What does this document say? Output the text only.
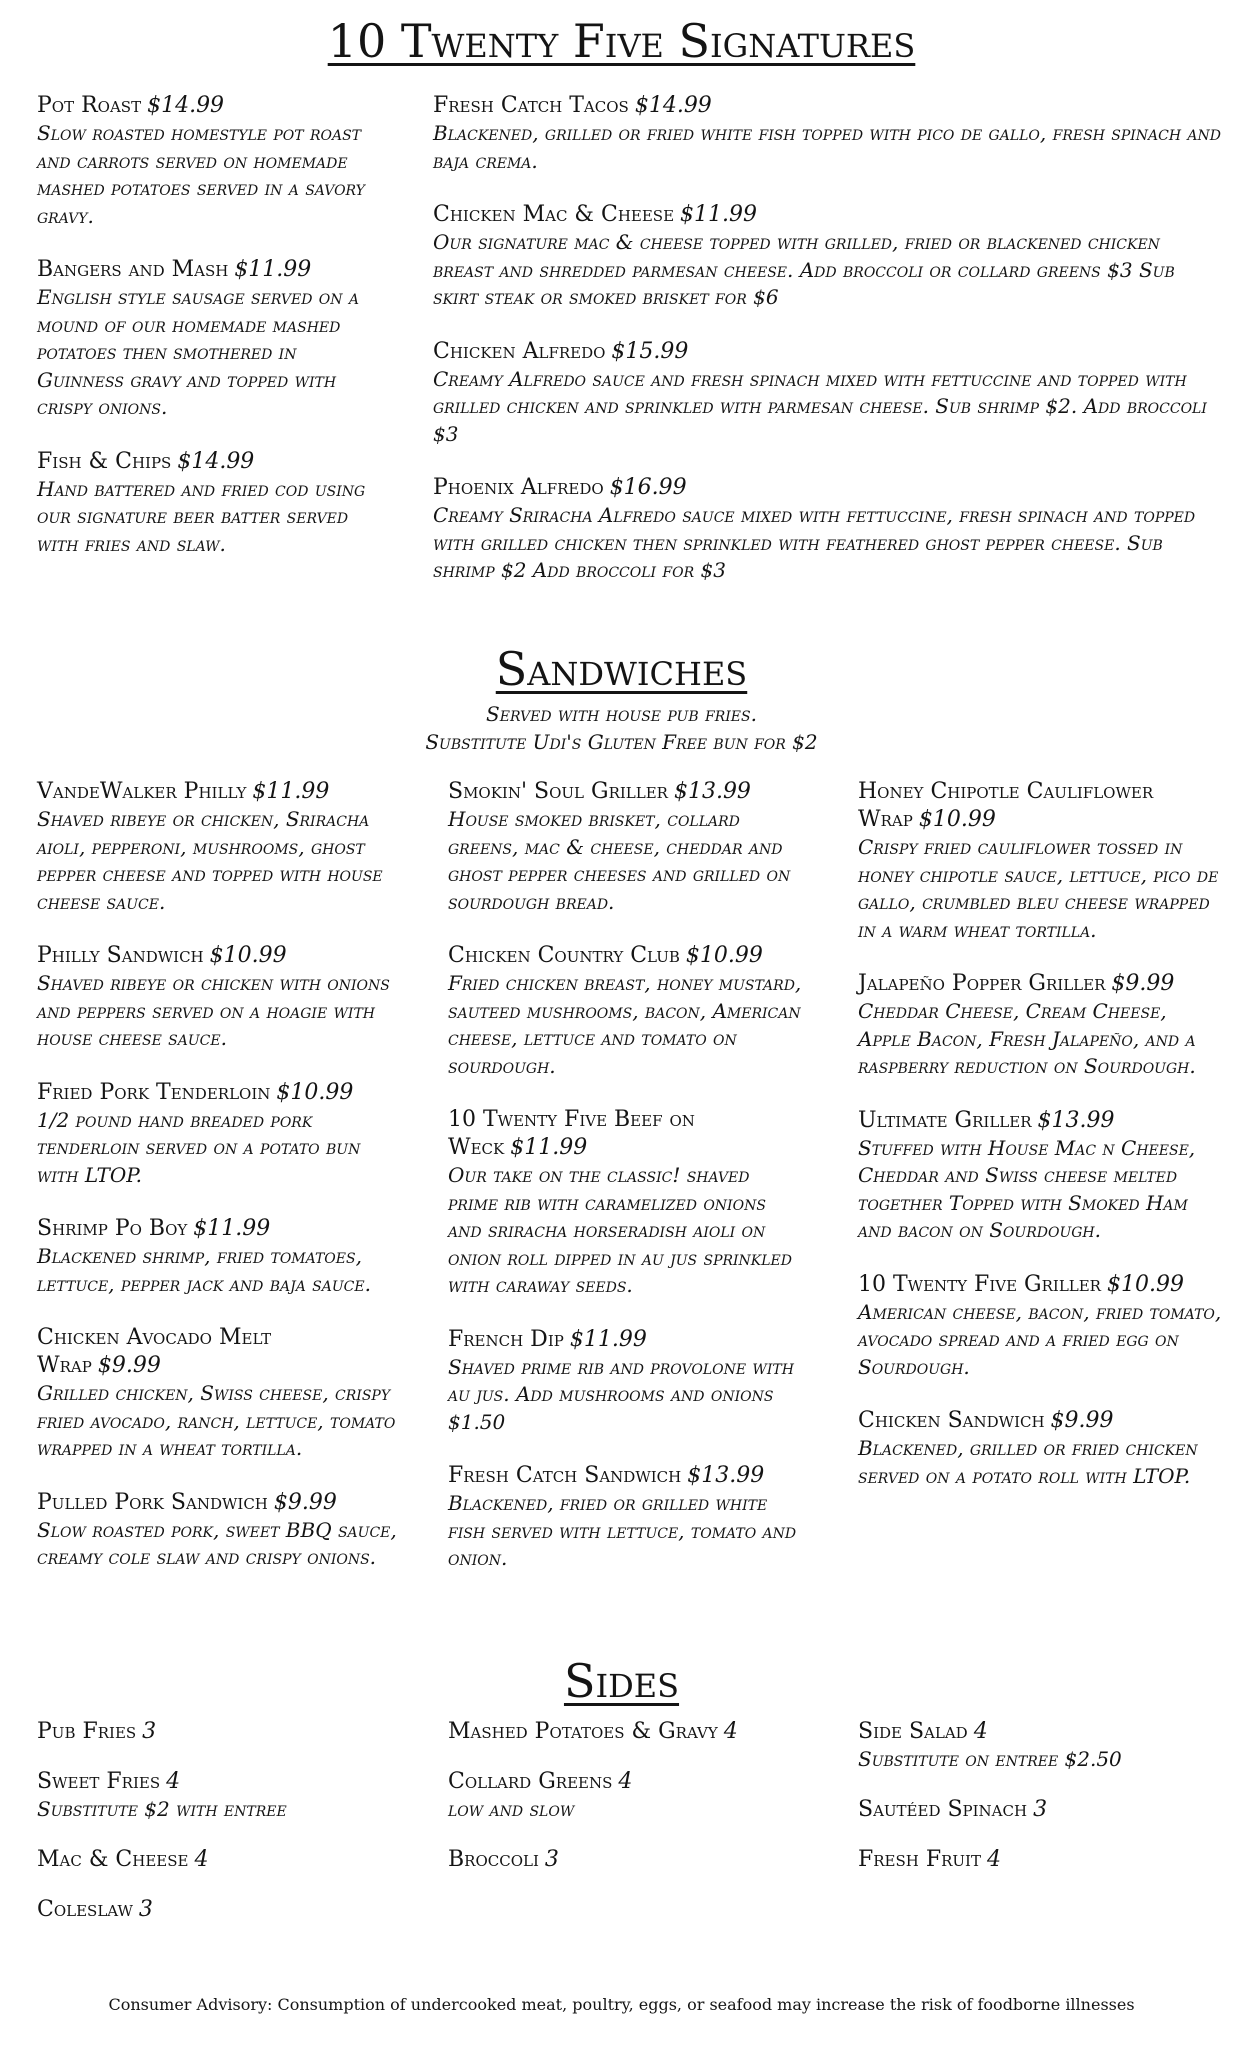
10 Twenty Five Signatures
Pot Roast $14.99
Slow roasted homestyle pot roast and carrots served on homemade mashed potatoes served in a savory gravy.
Bangers and Mash $11.99
English style sausage served on a mound of our homemade mashed potatoes then smothered in Guinness gravy and topped with crispy onions.
Fish & Chips $14.99
Hand battered and fried cod using our signature beer batter served with fries and slaw.
Fresh Catch Tacos $14.99
Blackened, grilled or fried white fish topped with pico de gallo, fresh spinach and baja crema.
Chicken Mac & Cheese $11.99
Our signature mac & cheese topped with grilled, fried or blackened chicken breast and shredded parmesan cheese. Add broccoli or collard greens $3 Sub skirt steak or smoked brisket for $6
Chicken Alfredo $15.99
Creamy Alfredo sauce and fresh spinach mixed with fettuccine and topped with grilled chicken and sprinkled with parmesan cheese. Sub shrimp $2. Add broccoli $3
Phoenix Alfredo $16.99
Creamy Sriracha Alfredo sauce mixed with fettuccine, fresh spinach and topped with grilled chicken then sprinkled with feathered ghost pepper cheese. Sub shrimp $2 Add broccoli for $3
Sandwiches
Served with house pub fries.
Substitute Udi's Gluten Free bun for $2
VandeWalker Philly $11.99
Shaved ribeye or chicken, Sriracha aioli, pepperoni, mushrooms, ghost pepper cheese and topped with house cheese sauce.
Philly Sandwich $10.99
Shaved ribeye or chicken with onions and peppers served on a hoagie with house cheese sauce.
Fried Pork Tenderloin $10.99
1/2 pound hand breaded pork tenderloin served on a potato bun with LTOP.
Shrimp Po Boy $11.99
Blackened shrimp, fried tomatoes, lettuce, pepper jack and baja sauce.
Chicken Avocado Melt Wrap $9.99
Grilled chicken, Swiss cheese, crispy fried avocado, ranch, lettuce, tomato wrapped in a wheat tortilla.
Pulled Pork Sandwich $9.99
Slow roasted pork, sweet BBQ sauce, creamy cole slaw and crispy onions.
Smokin' Soul Griller $13.99
House smoked brisket, collard greens, mac & cheese, cheddar and ghost pepper cheeses and grilled on sourdough bread.
Chicken Country Club $10.99
Fried chicken breast, honey mustard, sauteed mushrooms, bacon, American cheese, lettuce and tomato on sourdough.
10 Twenty Five Beef on Weck $11.99
Our take on the classic! shaved prime rib with caramelized onions and sriracha horseradish aioli on onion roll dipped in au jus sprinkled with caraway seeds.
French Dip $11.99
Shaved prime rib and provolone with au jus. Add mushrooms and onions $1.50
Fresh Catch Sandwich $13.99
Blackened, fried or grilled white fish served with lettuce, tomato and onion.
Honey Chipotle Cauliflower Wrap $10.99
Crispy fried cauliflower tossed in honey chipotle sauce, lettuce, pico de gallo, crumbled bleu cheese wrapped in a warm wheat tortilla.
Jalapeño Popper Griller $9.99
Cheddar Cheese, Cream Cheese, Apple Bacon, Fresh Jalapeño, and a raspberry reduction on Sourdough.
Ultimate Griller $13.99
Stuffed with House Mac n Cheese, Cheddar and Swiss cheese melted together Topped with Smoked Ham and bacon on Sourdough.
10 Twenty Five Griller $10.99
American cheese, bacon, fried tomato, avocado spread and a fried egg on Sourdough.
Chicken Sandwich $9.99
Blackened, grilled or fried chicken served on a potato roll with LTOP.
Sides
Pub Fries 3
Sweet Fries 4
Substitute $2 with entree
Mac & Cheese 4
Coleslaw 3
Mashed Potatoes & Gravy 4
Collard Greens 4
low and slow
Broccoli 3
Side Salad 4
Substitute on entree $2.50
Sautéed Spinach 3
Fresh Fruit 4
Consumer Advisory: Consumption of undercooked meat, poultry, eggs, or seafood may increase the risk of foodborne illnesses
